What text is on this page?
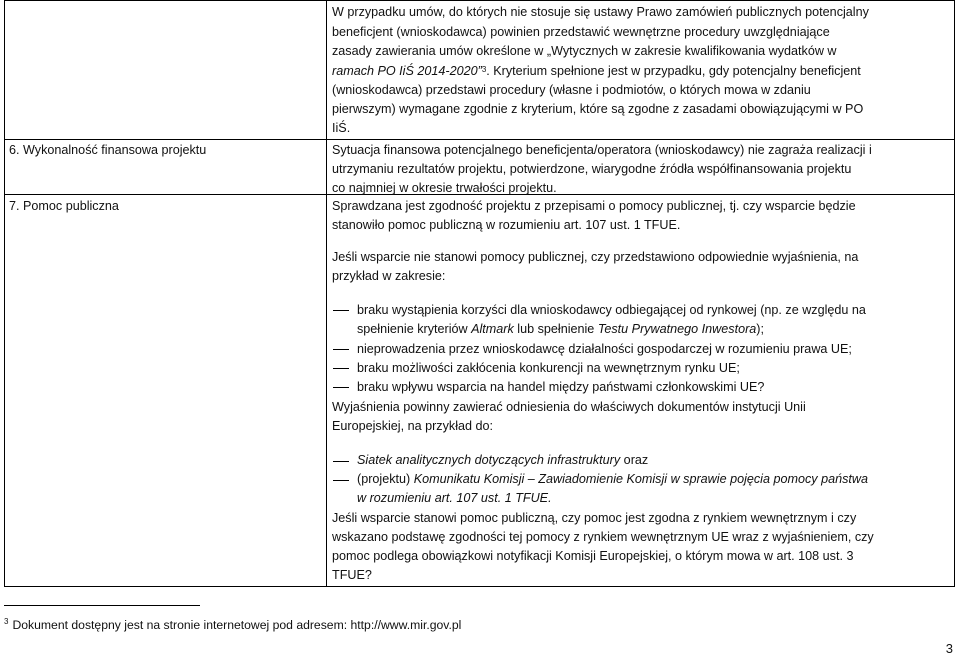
W przypadku umów, do których nie stosuje się ustawy Prawo zamówień publicznych potencjalny
beneficjent (wnioskodawca) powinien przedstawić wewnętrzne procedury uwzględniające
zasady zawierania umów określone w „Wytycznych w zakresie kwalifikowania wydatków w
ramach PO IiŚ 2014-2020”$^3$. Kryterium spełnione jest w przypadku, gdy potencjalny beneficjent
(wnioskodawca) przedstawi procedury (własne i podmiotów, o których mowa w zdaniu
pierwszym) wymagane zgodnie z kryterium, które są zgodne z zasadami obowiązującymi w PO
IiŚ.
6. Wykonalność finansowa projektu	Sytuacja finansowa potencjalnego beneficjenta/operatora (wnioskodawcy) nie zagraża realizacji i
utrzymaniu rezultatów projektu, potwierdzone, wiarygodne źródła współfinansowania projektu
co najmniej w okresie trwałości projektu.
7. Pomoc publiczna	Sprawdzana jest zgodność projektu z przepisami o pomocy publicznej, tj. czy wsparcie będzie
stanowiło pomoc publiczną w rozumieniu art. 107 ust. 1 TFUE.
Jeśli wsparcie nie stanowi pomocy publicznej, czy przedstawiono odpowiednie wyjaśnienia, na
przykład w zakresie:
braku wystąpienia korzyści dla wnioskodawcy odbiegającej od rynkowej (np. ze względu na
spełnienie kryteriów Altmark lub spełnienie Testu Prywatnego Inwestora);
nieprowadzenia przez wnioskodawcę działalności gospodarczej w rozumieniu prawa UE;
braku możliwości zakłócenia konkurencji na wewnętrznym rynku UE;
braku wpływu wsparcia na handel między państwami członkowskimi UE?
Wyjaśnienia powinny zawierać odniesienia do właściwych dokumentów instytucji Unii
Europejskiej, na przykład do:
Siatek analitycznych dotyczących infrastruktury oraz
(projektu) Komunikatu Komisji – Zawiadomienie Komisji w sprawie pojęcia pomocy państwa
w rozumieniu art. 107 ust. 1 TFUE.
Jeśli wsparcie stanowi pomoc publiczną, czy pomoc jest zgodna z rynkiem wewnętrznym i czy
wskazano podstawę zgodności tej pomocy z rynkiem wewnętrznym UE wraz z wyjaśnieniem, czy
pomoc podlega obowiązkowi notyfikacji Komisji Europejskiej, o którym mowa w art. 108 ust. 3
TFUE?
$^3$ Dokument dostępny jest na stronie internetowej pod adresem: http://www.mir.gov.pl
3
